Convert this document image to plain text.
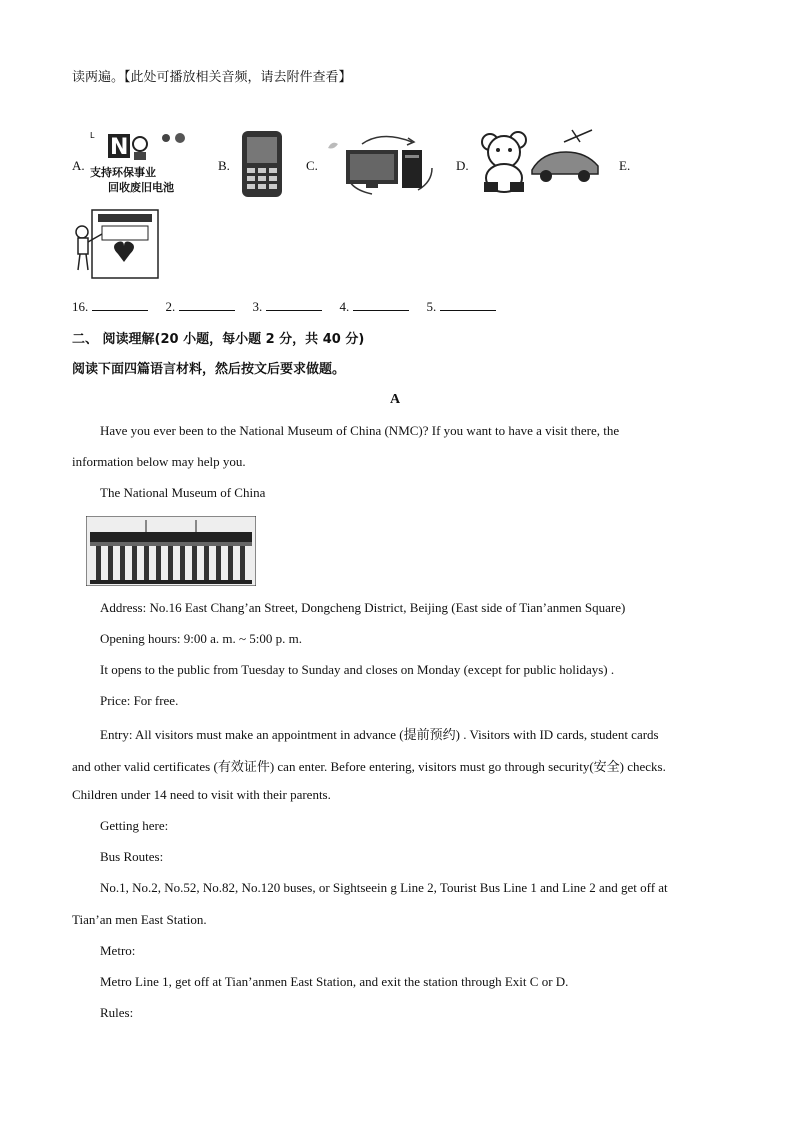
读两遍。【此处可播放相关音频，请去附件查看】
A.
L N
支持环保事业
回收废旧电池
B.	C.	D.	E.
16.	2.	3.	4.	5.
二、 阅读理解(20 小题，每小题 2 分，共 40 分)
阅读下面四篇语言材料，然后按文后要求做题。
A
Have you ever been to the National Museum of China (NMC)? If you want to have a visit there, the
information below may help you.
The National Museum of China
Address: No.16 East Chang’an Street, Dongcheng District, Beijing (East side of Tian’anmen Square)
Opening hours: 9:00 a. m. ~ 5:00 p. m.
It opens to the public from Tuesday to Sunday and closes on Monday (except for public holidays) .
Price: For free.
Entry: All visitors must make an appointment in advance (提前预约) . Visitors with ID cards, student cards
and other valid certificates (有效证件) can enter. Before entering, visitors must go through security(安全) checks.
Children under 14 need to visit with their parents.
Getting here:
Bus Routes:
No.1, No.2, No.52, No.82, No.120 buses, or Sightseein g Line 2, Tourist Bus Line 1 and Line 2 and get off at
Tian’an men East Station.
Metro:
Metro Line 1, get off at Tian’anmen East Station, and exit the station through Exit C or D.
Rules:
